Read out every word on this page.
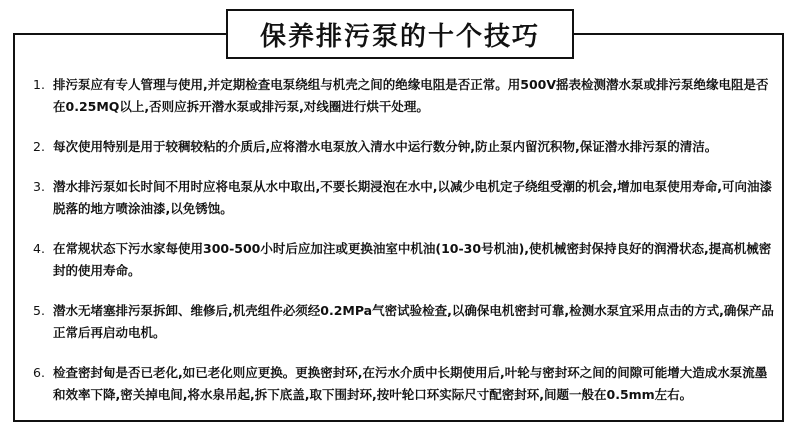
保养排污泵的十个技巧
1. 排污泵应有专人管理与使用,并定期检查电泵绕组与机壳之间的绝缘电阻是否正常。用500V摇表检测潜水泵或排污泵绝缘电阻是否在0.25MQ以上,否则应拆开潜水泵或排污泵,对线圈进行烘干处理。
2. 每次使用特别是用于较稠较粘的介质后,应将潜水电泵放入清水中运行数分钟,防止泵内留沉积物,保证潜水排污泵的清洁。
3. 潜水排污泵如长时间不用时应将电泵从水中取出,不要长期浸泡在水中,以减少电机定子绕组受潮的机会,增加电泵使用寿命,可向油漆脱落的地方喷涂油漆,以免锈蚀。
4. 在常规状态下污水家每使用300-500小时后应加注或更换油室中机油(10-30号机油),使机械密封保持良好的润滑状态,提高机械密封的使用寿命。
5. 潜水无堵塞排污泵拆卸、维修后,机壳组件必须经0.2MPa气密试验检查,以确保电机密封可靠,检测水泵宜采用点击的方式,确保产品正常后再启动电机。
6. 检查密封甸是否已老化,如已老化则应更换。更换密封环,在污水介质中长期使用后,叶轮与密封环之间的间隙可能增大造成水泵流墨和效率下降,密关掉电间,将水泉吊起,拆下底盖,取下围封环,按叶轮口环实际尺寸配密封环,间题一般在0.5mm左右。
